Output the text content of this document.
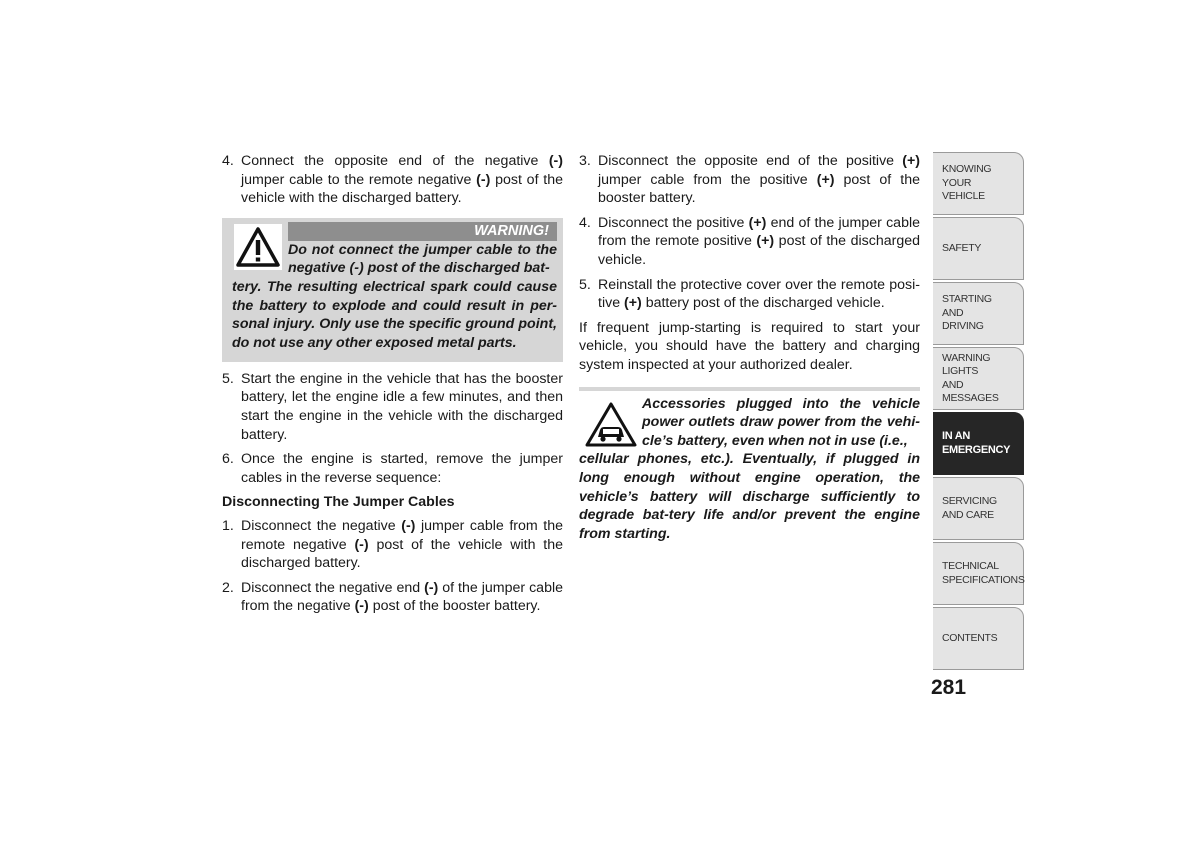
4. Connect the opposite end of the negative (-) jumper cable to the remote negative (-) post of the vehicle with the discharged battery.
WARNING!
Do not connect the jumper cable to the negative (-) post of the discharged bat-
tery. The resulting electrical spark could cause the battery to explode and could result in per-sonal injury. Only use the specific ground point, do not use any other exposed metal parts.
5. Start the engine in the vehicle that has the booster battery, let the engine idle a few minutes, and then start the engine in the vehicle with the discharged battery.
6. Once the engine is started, remove the jumper cables in the reverse sequence:
Disconnecting The Jumper Cables
1. Disconnect the negative (-) jumper cable from the remote negative (-) post of the vehicle with the discharged battery.
2. Disconnect the negative end (-) of the jumper cable from the negative (-) post of the booster battery.
3. Disconnect the opposite end of the positive (+) jumper cable from the positive (+) post of the booster battery.
4. Disconnect the positive (+) end of the jumper cable from the remote positive (+) post of the discharged vehicle.
5. Reinstall the protective cover over the remote posi-tive (+) battery post of the discharged vehicle.
If frequent jump-starting is required to start your vehicle, you should have the battery and charging system inspected at your authorized dealer.
Accessories plugged into the vehicle power outlets draw power from the vehi-cle’s battery, even when not in use (i.e.,
cellular phones, etc.). Eventually, if plugged in long enough without engine operation, the vehicle’s battery will discharge sufficiently to degrade bat-tery life and/or prevent the engine from starting.
KNOWING
YOUR
VEHICLE
SAFETY
STARTING
AND
DRIVING
WARNING
LIGHTS
AND
MESSAGES
IN AN
EMERGENCY
SERVICING
AND CARE
TECHNICAL
SPECIFICATIONS
CONTENTS
281
